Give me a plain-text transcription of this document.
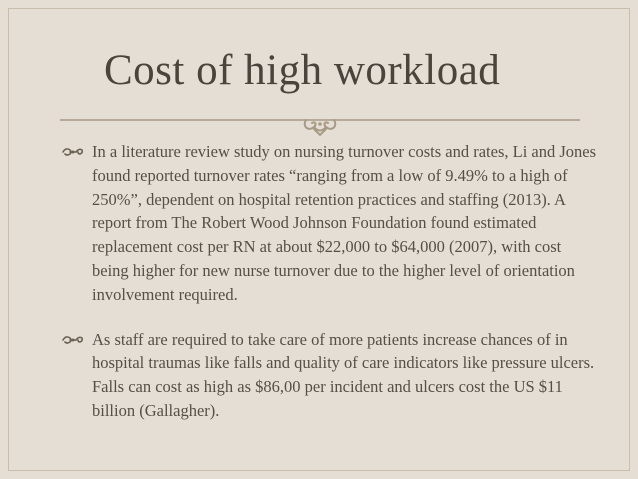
Cost of high workload
In a literature review study on nursing turnover costs and rates, Li and Jones found reported turnover rates “ranging from a low of 9.49% to a high of 250%”, dependent on hospital retention practices and staffing (2013). A report from The Robert Wood Johnson Foundation found estimated replacement cost per RN at about $22,000 to $64,000 (2007), with cost being higher for new nurse turnover due to the higher level of orientation involvement required.
As staff are required to take care of more patients increase chances of in hospital traumas like falls and quality of care indicators like pressure ulcers. Falls can cost as high as $86,00 per incident and ulcers cost the US $11 billion (Gallagher).
